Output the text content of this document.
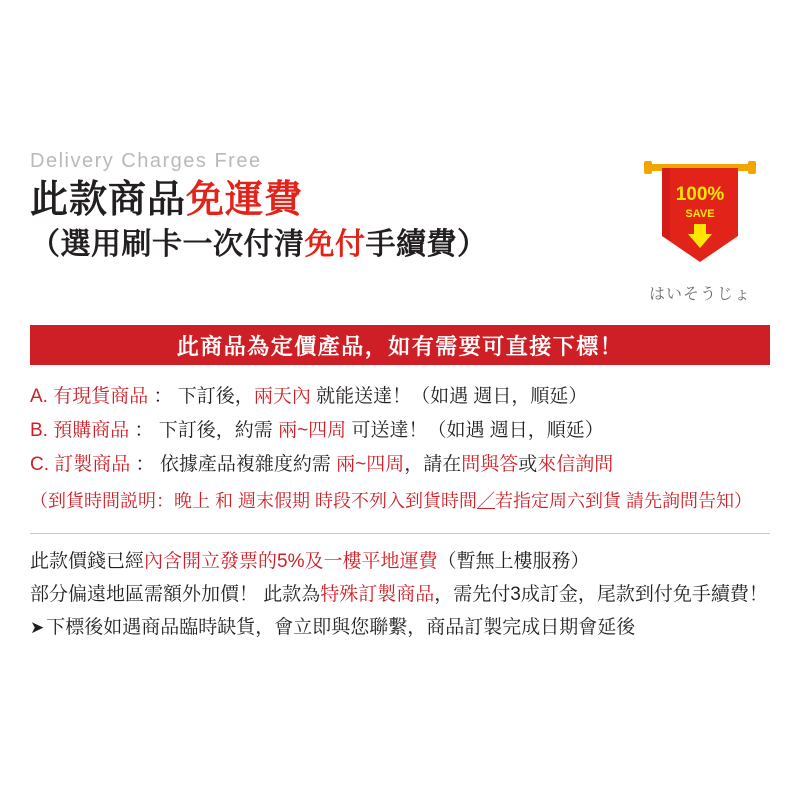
Delivery Charges Free
此款商品免運費
（選用刷卡一次付清免付手續費）
100%
SAVE
はいそうじょ
此商品為定價產品，如有需要可直接下標！
A. 有現貨商品 ： 下訂後，兩天內 就能送達！（如遇 週日，順延）
B. 預購商品 ： 下訂後，約需 兩~四周 可送達！（如遇 週日，順延）
C. 訂製商品 ： 依據產品複雜度約需 兩~四周，請在問與答或來信詢問
（到貨時間説明：晚上 和 週末假期 時段不列入到貨時間／若指定周六到貨 請先詢問告知）
此款價錢已經內含開立發票的5%及一樓平地運費（暫無上樓服務）
部分偏遠地區需額外加價！ 此款為特殊訂製商品，需先付3成訂金，尾款到付免手續費！
➤ 下標後如遇商品臨時缺貨，會立即與您聯繫，商品訂製完成日期會延後
